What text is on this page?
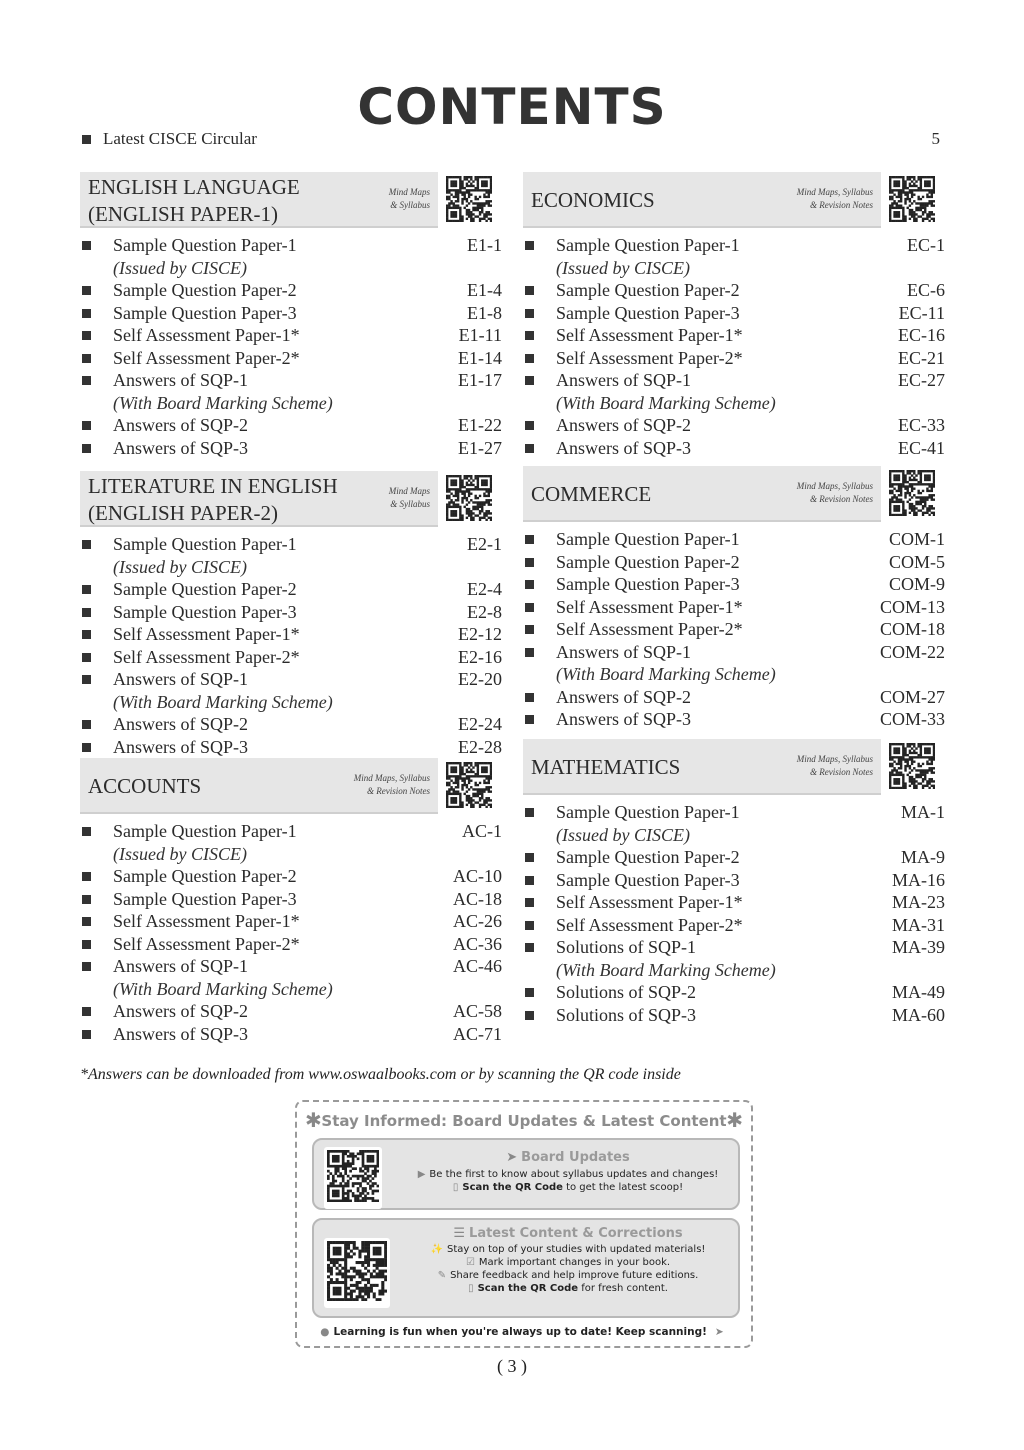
CONTENTS
Latest CISCE Circular	5
ENGLISH LANGUAGE
(ENGLISH PAPER-1)
Mind Maps
& Syllabus
Sample Question Paper-1	E1-1
(Issued by CISCE)
Sample Question Paper-2	E1-4
Sample Question Paper-3	E1-8
Self Assessment Paper-1*	E1-11
Self Assessment Paper-2*	E1-14
Answers of SQP-1	E1-17
(With Board Marking Scheme)
Answers of SQP-2	E1-22
Answers of SQP-3	E1-27
LITERATURE IN ENGLISH
(ENGLISH PAPER-2)
Mind Maps
& Syllabus
Sample Question Paper-1	E2-1
(Issued by CISCE)
Sample Question Paper-2	E2-4
Sample Question Paper-3	E2-8
Self Assessment Paper-1*	E2-12
Self Assessment Paper-2*	E2-16
Answers of SQP-1	E2-20
(With Board Marking Scheme)
Answers of SQP-2	E2-24
Answers of SQP-3	E2-28
ACCOUNTS	Mind Maps, Syllabus
& Revision Notes
Sample Question Paper-1	AC-1
(Issued by CISCE)
Sample Question Paper-2	AC-10
Sample Question Paper-3	AC-18
Self Assessment Paper-1*	AC-26
Self Assessment Paper-2*	AC-36
Answers of SQP-1	AC-46
(With Board Marking Scheme)
Answers of SQP-2	AC-58
Answers of SQP-3	AC-71
ECONOMICS	Mind Maps, Syllabus
& Revision Notes
Sample Question Paper-1	EC-1
(Issued by CISCE)
Sample Question Paper-2	EC-6
Sample Question Paper-3	EC-11
Self Assessment Paper-1*	EC-16
Self Assessment Paper-2*	EC-21
Answers of SQP-1	EC-27
(With Board Marking Scheme)
Answers of SQP-2	EC-33
Answers of SQP-3	EC-41
COMMERCE	Mind Maps, Syllabus
& Revision Notes
Sample Question Paper-1	COM-1
Sample Question Paper-2	COM-5
Sample Question Paper-3	COM-9
Self Assessment Paper-1*	COM-13
Self Assessment Paper-2*	COM-18
Answers of SQP-1	COM-22
(With Board Marking Scheme)
Answers of SQP-2	COM-27
Answers of SQP-3	COM-33
MATHEMATICS	Mind Maps, Syllabus
& Revision Notes
Sample Question Paper-1	MA-1
(Issued by CISCE)
Sample Question Paper-2	MA-9
Sample Question Paper-3	MA-16
Self Assessment Paper-1*	MA-23
Self Assessment Paper-2*	MA-31
Solutions of SQP-1	MA-39
(With Board Marking Scheme)
Solutions of SQP-2	MA-49
Solutions of SQP-3	MA-60
*Answers can be downloaded from www.oswaalbooks.com or by scanning the QR code inside
✱ Stay Informed: Board Updates & Latest Content ✱
➤ Board Updates
▶ Be the first to know about syllabus updates and changes!
▯ Scan the QR Code to get the latest scoop!
☰ Latest Content & Corrections
✨ Stay on top of your studies with updated materials!
☑ Mark important changes in your book.
✎ Share feedback and help improve future editions.
▯ Scan the QR Code for fresh content.
● Learning is fun when you're always up to date! Keep scanning! ➤
( 3 )
